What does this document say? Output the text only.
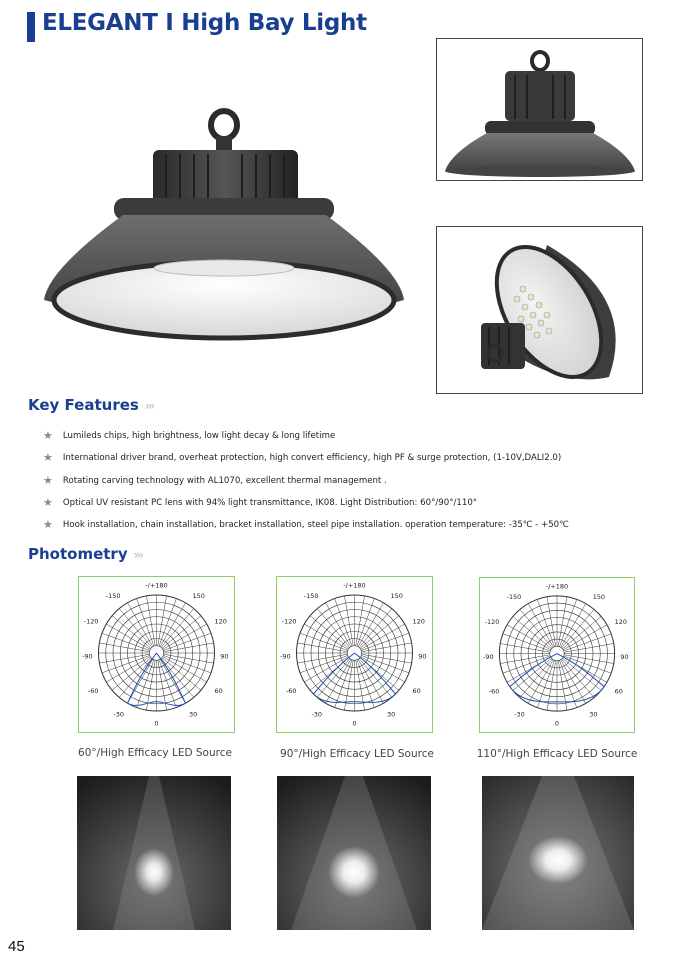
ELEGANT I High Bay Light
Key Features ›››
★ Lumileds chips, high brightness, low light decay & long lifetime
★ International driver brand, overheat protection, high convert efficiency, high PF & surge protection, (1-10V,DALI2.0)
★ Rotating carving technology with AL1070, excellent thermal management .
★ Optical UV resistant PC lens with 94% light transmittance, IK08. Light Distribution: 60°/90°/110°
★ Hook installation, chain installation, bracket installation, steel pipe installation. operation temperature: -35℃ - +50℃
Photometry ›››
-/+180
-150	150
-120	120
-90	90
-60	60
-30	30
0
-/+180
-150	150
-120	120
-90	90
-60	60
-30	30
0
-/+180
-150	150
-120	120
-90	90
-60	60
-30	30
0
60°/High Efficacy LED Source	90°/High Efficacy LED Source	110°/High Efficacy LED Source
45
